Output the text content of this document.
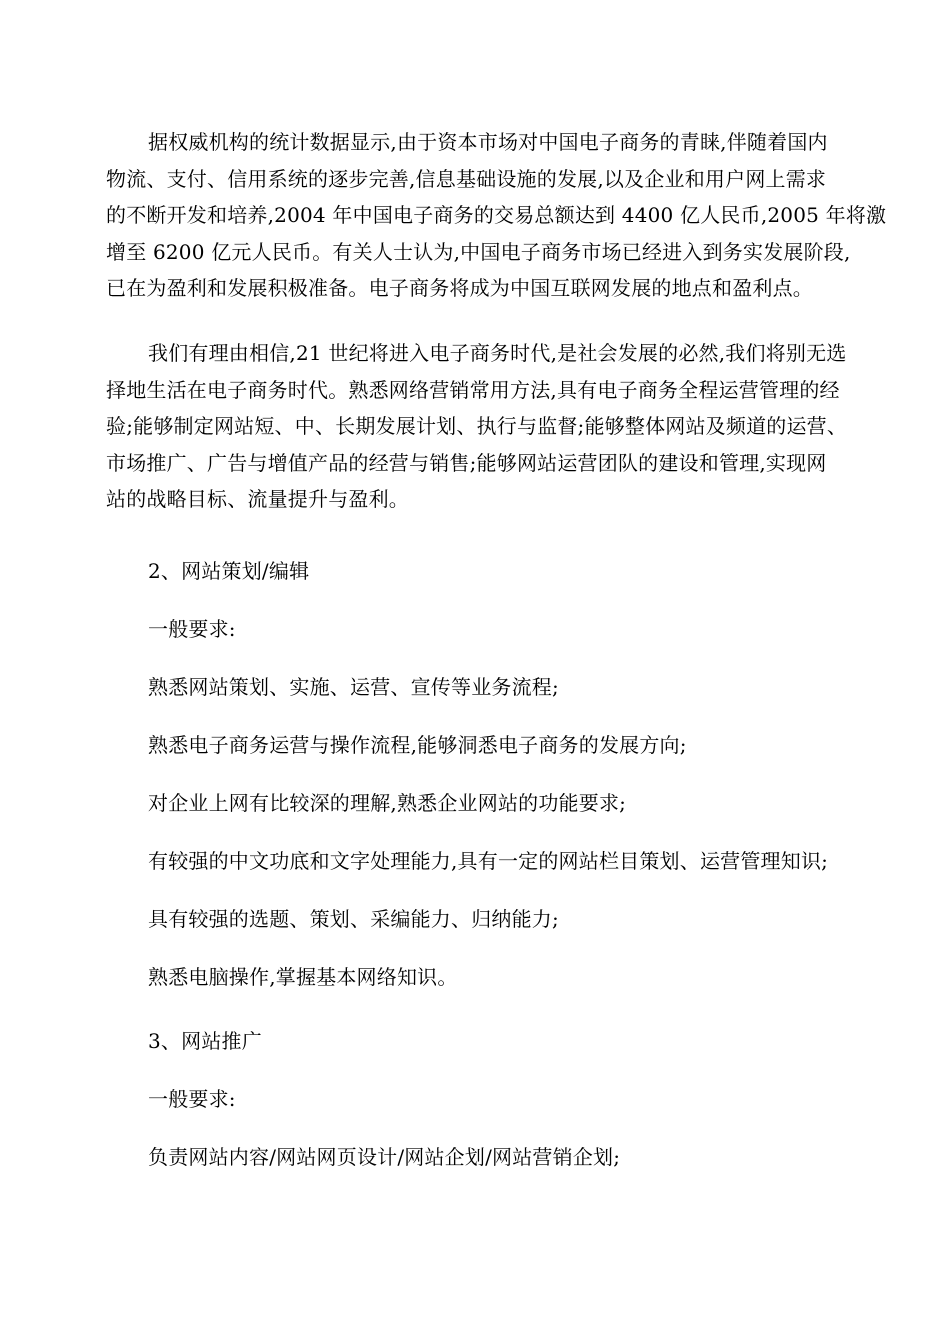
据权威机构的统计数据显示,由于资本市场对中国电子商务的青睐,伴随着国内
物流、支付、信用系统的逐步完善,信息基础设施的发展,以及企业和用户网上需求
的不断开发和培养,2004 年中国电子商务的交易总额达到 4400 亿人民币,2005 年将激
增至 6200 亿元人民币。有关人士认为,中国电子商务市场已经进入到务实发展阶段,
已在为盈利和发展积极准备。电子商务将成为中国互联网发展的地点和盈利点。
我们有理由相信,21 世纪将进入电子商务时代,是社会发展的必然,我们将别无选
择地生活在电子商务时代。熟悉网络营销常用方法,具有电子商务全程运营管理的经
验;能够制定网站短、中、长期发展计划、执行与监督;能够整体网站及频道的运营、
市场推广、广告与增值产品的经营与销售;能够网站运营团队的建设和管理,实现网
站的战略目标、流量提升与盈利。

2、网站策划/编辑

一般要求:

熟悉网站策划、实施、运营、宣传等业务流程;

熟悉电子商务运营与操作流程,能够洞悉电子商务的发展方向;

对企业上网有比较深的理解,熟悉企业网站的功能要求;

有较强的中文功底和文字处理能力,具有一定的网站栏目策划、运营管理知识;

具有较强的选题、策划、采编能力、归纳能力;

熟悉电脑操作,掌握基本网络知识。

3、网站推广

一般要求:

负责网站内容/网站网页设计/网站企划/网站营销企划;
